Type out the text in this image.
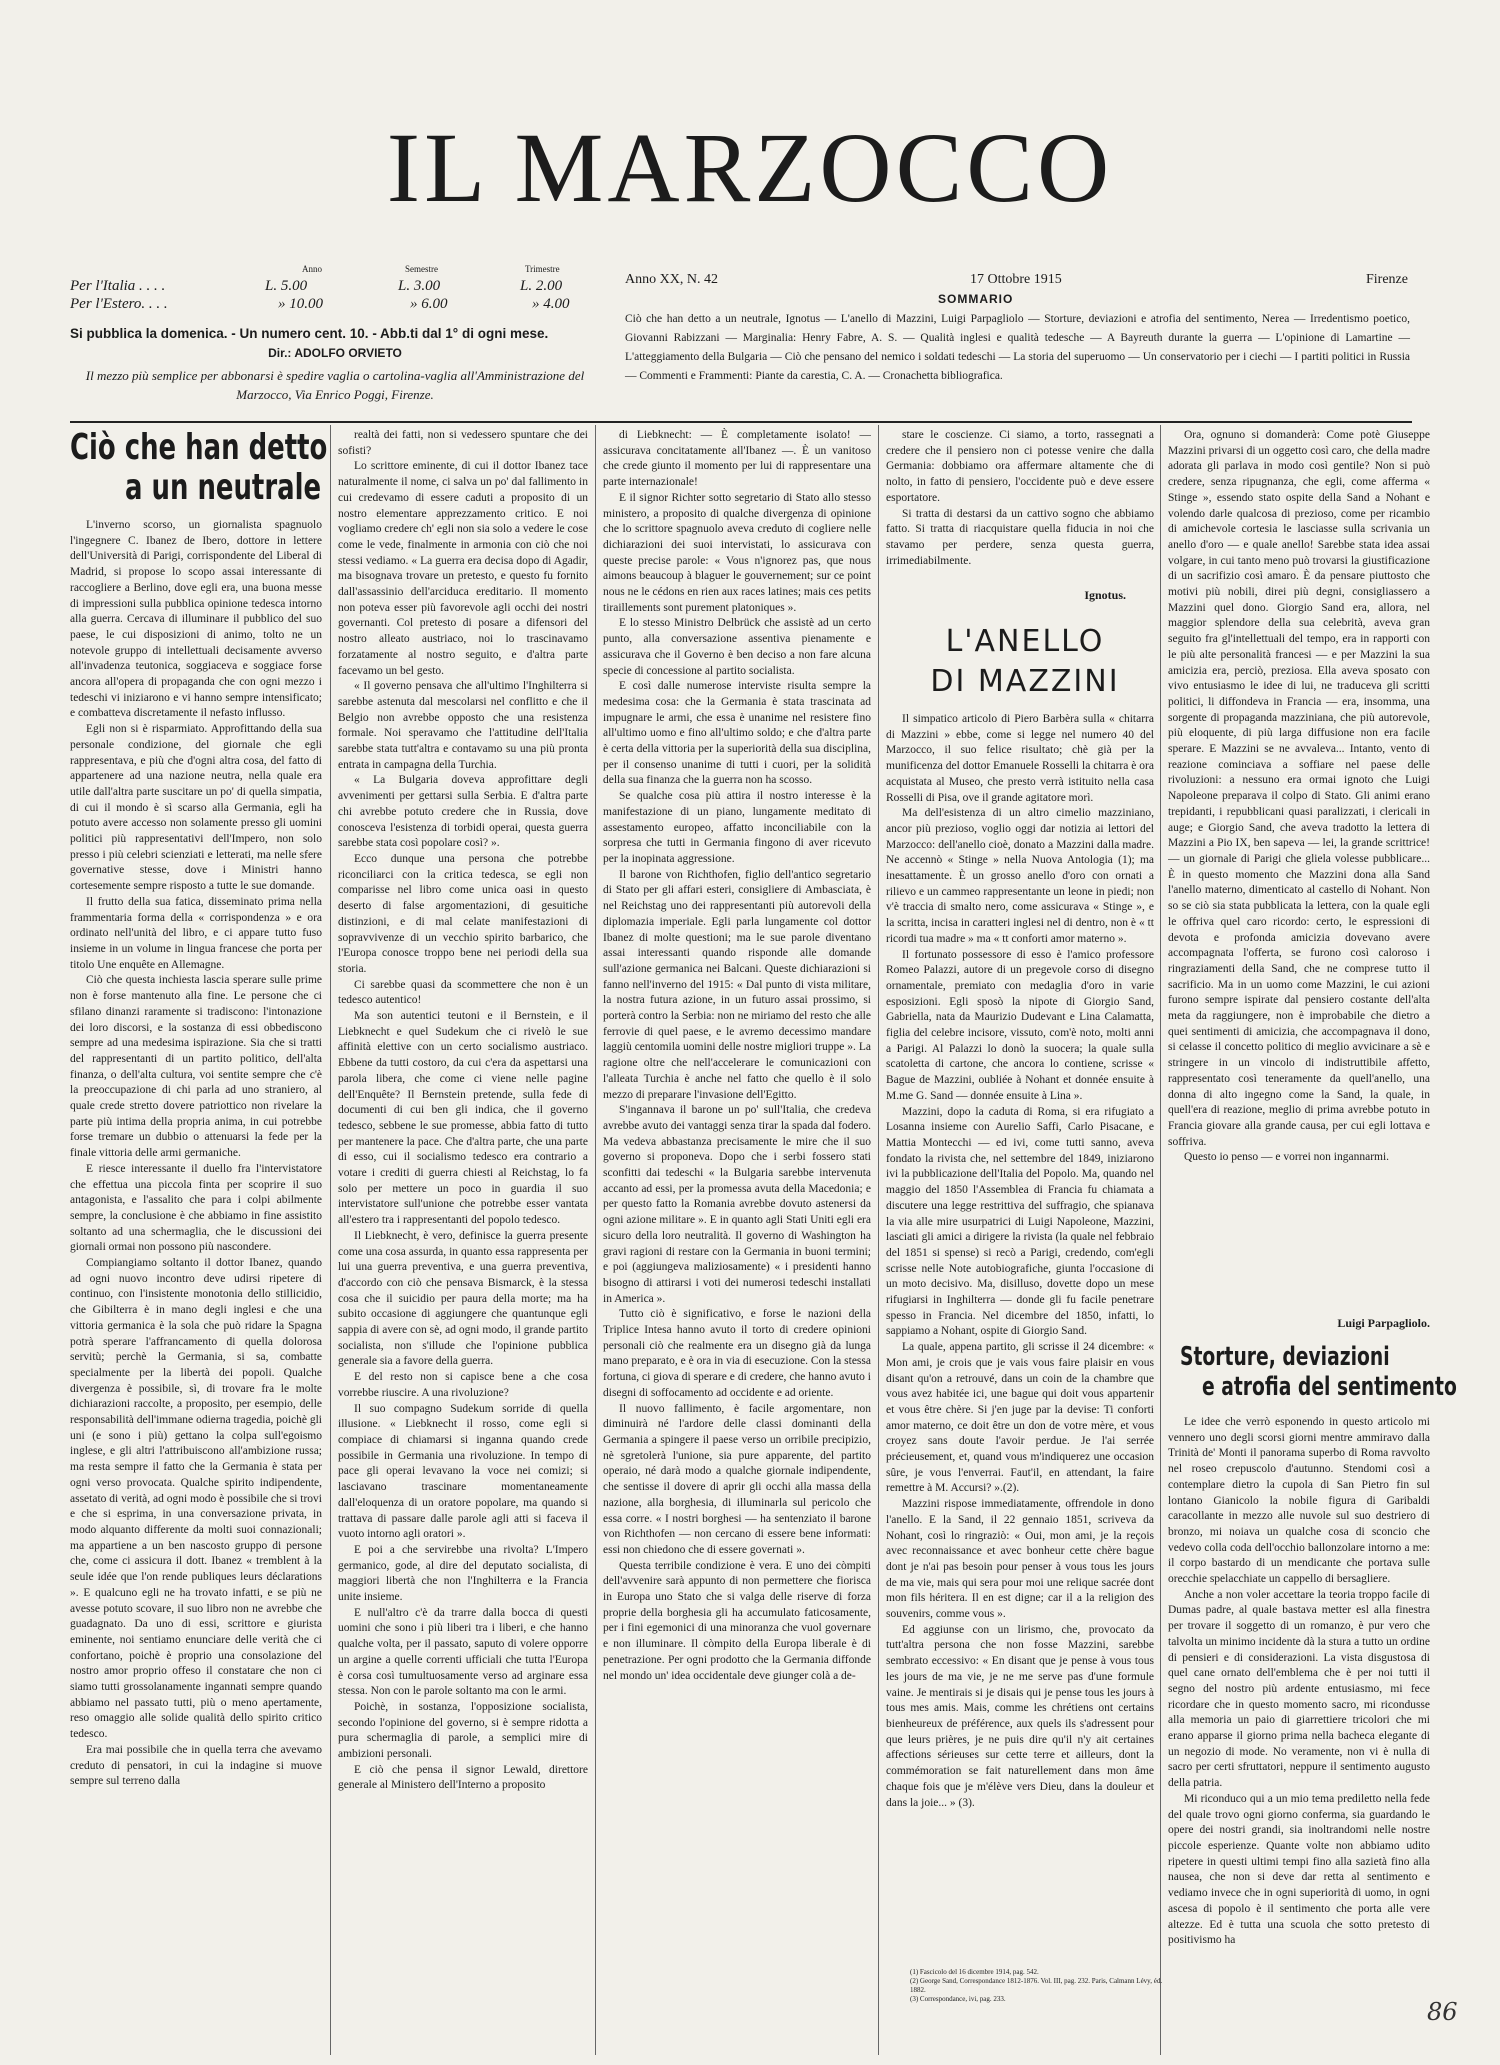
IL MARZOCCO
Anno	Semestre	Trimestre
Per l'Italia . . . .	L. 5.00	L. 3.00	L. 2.00
Per l'Estero. . . .	» 10.00	» 6.00	» 4.00
Si pubblica la domenica. - Un numero cent. 10. - Abb.ti dal 1° di ogni mese.
Dir.: ADOLFO ORVIETO
Il mezzo più semplice per abbonarsi è spedire vaglia o cartolina-vaglia all'Amministrazione del Marzocco, Via Enrico Poggi, Firenze.
Anno XX, N. 42	17 Ottobre 1915	Firenze
SOMMARIO
Ciò che han detto a un neutrale, Ignotus — L'anello di Mazzini, Luigi Parpagliolo — Storture, deviazioni e atrofia del sentimento, Nerea — Irredentismo poetico, Giovanni Rabizzani — Marginalia: Henry Fabre, A. S. — Qualità inglesi e qualità tedesche — A Bayreuth durante la guerra — L'opinione di Lamartine — L'atteggiamento della Bulgaria — Ciò che pensano del nemico i soldati tedeschi — La storia del superuomo — Un conservatorio per i ciechi — I partiti politici in Russia — Commenti e Frammenti: Piante da carestia, C. A. — Cronachetta bibliografica.
Ciò che han detto
a un neutrale

L'inverno scorso, un giornalista spagnuolo l'ingegnere C. Ibanez de Ibero, dottore in lettere dell'Università di Parigi, corrispondente del Liberal di Madrid, si propose lo scopo assai interessante di raccogliere a Berlino, dove egli era, una buona messe di impressioni sulla pubblica opinione tedesca intorno alla guerra. Cercava di illuminare il pubblico del suo paese, le cui disposizioni di animo, tolto ne un notevole gruppo di intellettuali decisamente avverso all'invadenza teutonica, soggiaceva e soggiace forse ancora all'opera di propaganda che con ogni mezzo i tedeschi vi iniziarono e vi hanno sempre intensificato; e combatteva discretamente il nefasto influsso.

Egli non si è risparmiato. Approfittando della sua personale condizione, del giornale che egli rappresentava, e più che d'ogni altra cosa, del fatto di appartenere ad una nazione neutra, nella quale era utile dall'altra parte suscitare un po' di quella simpatia, di cui il mondo è sì scarso alla Germania, egli ha potuto avere accesso non solamente presso gli uomini politici più rappresentativi dell'Impero, non solo presso i più celebri scienziati e letterati, ma nelle sfere governative stesse, dove i Ministri hanno cortesemente sempre risposto a tutte le sue domande.

Il frutto della sua fatica, disseminato prima nella frammentaria forma della « corrispondenza » e ora ordinato nell'unità del libro, e ci appare tutto fuso insieme in un volume in lingua francese che porta per titolo Une enquête en Allemagne.

Ciò che questa inchiesta lascia sperare sulle prime non è forse mantenuto alla fine. Le persone che ci sfilano dinanzi raramente si tradiscono: l'intonazione dei loro discorsi, e la sostanza di essi obbediscono sempre ad una medesima ispirazione. Sia che si tratti del rappresentanti di un partito politico, dell'alta finanza, o dell'alta cultura, voi sentite sempre che c'è la preoccupazione di chi parla ad uno straniero, al quale crede stretto dovere patriottico non rivelare la parte più intima della propria anima, in cui potrebbe forse tremare un dubbio o attenuarsi la fede per la finale vittoria delle armi germaniche.

E riesce interessante il duello fra l'intervistatore che effettua una piccola finta per scoprire il suo antagonista, e l'assalito che para i colpi abilmente sempre, la conclusione è che abbiamo in fine assistito soltanto ad una schermaglia, che le discussioni dei giornali ormai non possono più nascondere.

Compiangiamo soltanto il dottor Ibanez, quando ad ogni nuovo incontro deve udirsi ripetere di continuo, con l'insistente monotonia dello stillicidio, che Gibilterra è in mano degli inglesi e che una vittoria germanica è la sola che può ridare la Spagna potrà sperare l'affrancamento di quella dolorosa servitù; perchè la Germania, si sa, combatte specialmente per la libertà dei popoli. Qualche divergenza è possibile, sì, di trovare fra le molte dichiarazioni raccolte, a proposito, per esempio, delle responsabilità dell'immane odierna tragedia, poichè gli uni (e sono i più) gettano la colpa sull'egoismo inglese, e gli altri l'attribuiscono all'ambizione russa; ma resta sempre il fatto che la Germania è stata per ogni verso provocata. Qualche spirito indipendente, assetato di verità, ad ogni modo è possibile che si trovi e che si esprima, in una conversazione privata, in modo alquanto differente da molti suoi connazionali; ma appartiene a un ben nascosto gruppo di persone che, come ci assicura il dott. Ibanez « tremblent à la seule idée que l'on rende publiques leurs déclarations ». E qualcuno egli ne ha trovato infatti, e se più ne avesse potuto scovare, il suo libro non ne avrebbe che guadagnato. Da uno di essi, scrittore e giurista eminente, noi sentiamo enunciare delle verità che ci confortano, poichè è proprio una consolazione del nostro amor proprio offeso il constatare che non ci siamo tutti grossolanamente ingannati sempre quando abbiamo nel passato tutti, più o meno apertamente, reso omaggio alle solide qualità dello spirito critico tedesco.

Era mai possibile che in quella terra che avevamo creduto di pensatori, in cui la indagine si muove sempre sul terreno dalla

realtà dei fatti, non si vedessero spuntare che dei sofisti?

Lo scrittore eminente, di cui il dottor Ibanez tace naturalmente il nome, ci salva un po' dal fallimento in cui credevamo di essere caduti a proposito di un nostro elementare apprezzamento critico. E noi vogliamo credere ch' egli non sia solo a vedere le cose come le vede, finalmente in armonia con ciò che noi stessi vediamo. « La guerra era decisa dopo di Agadir, ma bisognava trovare un pretesto, e questo fu fornito dall'assassinio dell'arciduca ereditario. Il momento non poteva esser più favorevole agli occhi dei nostri governanti. Col pretesto di posare a difensori del nostro alleato austriaco, noi lo trascinavamo forzatamente al nostro seguito, e d'altra parte facevamo un bel gesto.

« Il governo pensava che all'ultimo l'Inghilterra si sarebbe astenuta dal mescolarsi nel conflitto e che il Belgio non avrebbe opposto che una resistenza formale. Noi speravamo che l'attitudine dell'Italia sarebbe stata tutt'altra e contavamo su una più pronta entrata in campagna della Turchia.

« La Bulgaria doveva approfittare degli avvenimenti per gettarsi sulla Serbia. E d'altra parte chi avrebbe potuto credere che in Russia, dove conosceva l'esistenza di torbidi operai, questa guerra sarebbe stata così popolare così? ».

Ecco dunque una persona che potrebbe riconciliarci con la critica tedesca, se egli non comparisse nel libro come unica oasi in questo deserto di false argomentazioni, di gesuitiche distinzioni, e di mal celate manifestazioni di sopravvivenze di un vecchio spirito barbarico, che l'Europa conosce troppo bene nei periodi della sua storia.

Ci sarebbe quasi da scommettere che non è un tedesco autentico!

Ma son autentici teutoni e il Bernstein, e il Liebknecht e quel Sudekum che ci rivelò le sue affinità elettive con un certo socialismo austriaco. Ebbene da tutti costoro, da cui c'era da aspettarsi una parola libera, che come ci viene nelle pagine dell'Enquête? Il Bernstein pretende, sulla fede di documenti di cui ben gli indica, che il governo tedesco, sebbene le sue promesse, abbia fatto di tutto per mantenere la pace. Che d'altra parte, che una parte di esso, cui il socialismo tedesco era contrario a votare i crediti di guerra chiesti al Reichstag, lo fa solo per mettere un poco in guardia il suo intervistatore sull'unione che potrebbe esser vantata all'estero tra i rappresentanti del popolo tedesco.

Il Liebknecht, è vero, definisce la guerra presente come una cosa assurda, in quanto essa rappresenta per lui una guerra preventiva, e una guerra preventiva, d'accordo con ciò che pensava Bismarck, è la stessa cosa che il suicidio per paura della morte; ma ha subito occasione di aggiungere che quantunque egli sappia di avere con sè, ad ogni modo, il grande partito socialista, non s'illude che l'opinione pubblica generale sia a favore della guerra.

E del resto non si capisce bene a che cosa vorrebbe riuscire. A una rivoluzione?

Il suo compagno Sudekum sorride di quella illusione. « Liebknecht il rosso, come egli si compiace di chiamarsi si inganna quando crede possibile in Germania una rivoluzione. In tempo di pace gli operai levavano la voce nei comizi; si lasciavano trascinare momentaneamente dall'eloquenza di un oratore popolare, ma quando si trattava di passare dalle parole agli atti si faceva il vuoto intorno agli oratori ».

E poi a che servirebbe una rivolta? L'Impero germanico, gode, al dire del deputato socialista, di maggiori libertà che non l'Inghilterra e la Francia unite insieme.

E null'altro c'è da trarre dalla bocca di questi uomini che sono i più liberi tra i liberi, e che hanno qualche volta, per il passato, saputo di volere opporre un argine a quelle correnti ufficiali che tutta l'Europa è corsa così tumultuosamente verso ad arginare essa stessa. Non con le parole soltanto ma con le armi.

Poichè, in sostanza, l'opposizione socialista, secondo l'opinione del governo, si è sempre ridotta a pura schermaglia di parole, a semplici mire di ambizioni personali.

E ciò che pensa il signor Lewald, direttore generale al Ministero dell'Interno a proposito

di Liebknecht: — È completamente isolato! — assicurava concitatamente all'Ibanez —. È un vanitoso che crede giunto il momento per lui di rappresentare una parte internazionale!

E il signor Richter sotto segretario di Stato allo stesso ministero, a proposito di qualche divergenza di opinione che lo scrittore spagnuolo aveva creduto di cogliere nelle dichiarazioni dei suoi intervistati, lo assicurava con queste precise parole: « Vous n'ignorez pas, que nous aimons beaucoup à blaguer le gouvernement; sur ce point nous ne le cédons en rien aux races latines; mais ces petits tiraillements sont purement platoniques ».

E lo stesso Ministro Delbrück che assistè ad un certo punto, alla conversazione assentiva pienamente e assicurava che il Governo è ben deciso a non fare alcuna specie di concessione al partito socialista.

E così dalle numerose interviste risulta sempre la medesima cosa: che la Germania è stata trascinata ad impugnare le armi, che essa è unanime nel resistere fino all'ultimo uomo e fino all'ultimo soldo; e che d'altra parte è certa della vittoria per la superiorità della sua disciplina, per il consenso unanime di tutti i cuori, per la solidità della sua finanza che la guerra non ha scosso.

Se qualche cosa più attira il nostro interesse è la manifestazione di un piano, lungamente meditato di assestamento europeo, affatto inconciliabile con la sorpresa che tutti in Germania fingono di aver ricevuto per la inopinata aggressione.

Il barone von Richthofen, figlio dell'antico segretario di Stato per gli affari esteri, consigliere di Ambasciata, è nel Reichstag uno dei rappresentanti più autorevoli della diplomazia imperiale. Egli parla lungamente col dottor Ibanez di molte questioni; ma le sue parole diventano assai interessanti quando risponde alle domande sull'azione germanica nei Balcani. Queste dichiarazioni si fanno nell'inverno del 1915: « Dal punto di vista militare, la nostra futura azione, in un futuro assai prossimo, si porterà contro la Serbia: non ne miriamo del resto che alle ferrovie di quel paese, e le avremo decessimo mandare laggiù centomila uomini delle nostre migliori truppe ». La ragione oltre che nell'accelerare le comunicazioni con l'alleata Turchia è anche nel fatto che quello è il solo mezzo di preparare l'invasione dell'Egitto.

S'ingannava il barone un po' sull'Italia, che credeva avrebbe avuto dei vantaggi senza tirar la spada dal fodero. Ma vedeva abbastanza precisamente le mire che il suo governo si proponeva. Dopo che i serbi fossero stati sconfitti dai tedeschi « la Bulgaria sarebbe intervenuta accanto ad essi, per la promessa avuta della Macedonia; e per questo fatto la Romania avrebbe dovuto astenersi da ogni azione militare ». E in quanto agli Stati Uniti egli era sicuro della loro neutralità. Il governo di Washington ha gravi ragioni di restare con la Germania in buoni termini; e poi (aggiungeva maliziosamente) « i presidenti hanno bisogno di attirarsi i voti dei numerosi tedeschi installati in America ».

Tutto ciò è significativo, e forse le nazioni della Triplice Intesa hanno avuto il torto di credere opinioni personali ciò che realmente era un disegno già da lunga mano preparato, e è ora in via di esecuzione. Con la stessa fortuna, ci giova di sperare e di credere, che hanno avuto i disegni di soffocamento ad occidente e ad oriente.

Il nuovo fallimento, è facile argomentare, non diminuirà né l'ardore delle classi dominanti della Germania a spingere il paese verso un orribile precipizio, nè sgretolerà l'unione, sia pure apparente, del partito operaio, né darà modo a qualche giornale indipendente, che sentisse il dovere di aprir gli occhi alla massa della nazione, alla borghesia, di illuminarla sul pericolo che essa corre. « I nostri borghesi — ha sentenziato il barone von Richthofen — non cercano di essere bene informati: essi non chiedono che di essere governati ».

Questa terribile condizione è vera. E uno dei còmpiti dell'avvenire sarà appunto di non permettere che fiorisca in Europa uno Stato che si valga delle riserve di forza proprie della borghesia gli ha accumulato faticosamente, per i fini egemonici di una minoranza che vuol governare e non illuminare. Il còmpito della Europa liberale è di penetrazione. Per ogni prodotto che la Germania diffonde nel mondo un' idea occidentale deve giunger colà a de-

stare le coscienze. Ci siamo, a torto, rassegnati a credere che il pensiero non ci potesse venire che dalla Germania: dobbiamo ora affermare altamente che di nolto, in fatto di pensiero, l'occidente può e deve essere esportatore.

Si tratta di destarsi da un cattivo sogno che abbiamo fatto. Si tratta di riacquistare quella fiducia in noi che stavamo per perdere, senza questa guerra, irrimediabilmente.

Ignotus.
L'ANELLO
DI MAZZINI

Il simpatico articolo di Piero Barbèra sulla « chitarra di Mazzini » ebbe, come si legge nel numero 40 del Marzocco, il suo felice risultato; chè già per la munificenza del dottor Emanuele Rosselli la chitarra è ora acquistata al Museo, che presto verrà istituito nella casa Rosselli di Pisa, ove il grande agitatore morì.

Ma dell'esistenza di un altro cimelio mazziniano, ancor più prezioso, voglio oggi dar notizia ai lettori del Marzocco: dell'anello cioè, donato a Mazzini dalla madre. Ne accennò « Stinge » nella Nuova Antologia (1); ma inesattamente. È un grosso anello d'oro con ornati a rilievo e un cammeo rappresentante un leone in piedi; non v'è traccia di smalto nero, come assicurava « Stinge », e la scritta, incisa in caratteri inglesi nel di dentro, non è « tt ricordi tua madre » ma « tt conforti amor materno ».

Il fortunato possessore di esso è l'amico professore Romeo Palazzi, autore di un pregevole corso di disegno ornamentale, premiato con medaglia d'oro in varie esposizioni. Egli sposò la nipote di Giorgio Sand, Gabriella, nata da Maurizio Dudevant e Lina Calamatta, figlia del celebre incisore, vissuto, com'è noto, molti anni a Parigi. Al Palazzi lo donò la suocera; la quale sulla scatoletta di cartone, che ancora lo contiene, scrisse « Bague de Mazzini, oubliée à Nohant et donnée ensuite à M.me G. Sand — donnée ensuite à Lina ».

Mazzini, dopo la caduta di Roma, si era rifugiato a Losanna insieme con Aurelio Saffi, Carlo Pisacane, e Mattia Montecchi — ed ivi, come tutti sanno, aveva fondato la rivista che, nel settembre del 1849, iniziarono ivi la pubblicazione dell'Italia del Popolo. Ma, quando nel maggio del 1850 l'Assemblea di Francia fu chiamata a discutere una legge restrittiva del suffragio, che spianava la via alle mire usurpatrici di Luigi Napoleone, Mazzini, lasciati gli amici a dirigere la rivista (la quale nel febbraio del 1851 si spense) si recò a Parigi, credendo, com'egli scrisse nelle Note autobiografiche, giunta l'occasione di un moto decisivo. Ma, disilluso, dovette dopo un mese rifugiarsi in Inghilterra — donde gli fu facile penetrare spesso in Francia. Nel dicembre del 1850, infatti, lo sappiamo a Nohant, ospite di Giorgio Sand.

La quale, appena partito, gli scrisse il 24 dicembre: « Mon ami, je crois que je vais vous faire plaisir en vous disant qu'on a retrouvé, dans un coin de la chambre que vous avez habitée ici, une bague qui doit vous appartenir et vous être chère. Si j'en juge par la devise: Ti conforti amor materno, ce doit être un don de votre mère, et vous croyez sans doute l'avoir perdue. Je l'ai serrée précieusement, et, quand vous m'indiquerez une occasion sûre, je vous l'enverrai. Faut'il, en attendant, la faire remettre à M. Accursi? ».(2).

Mazzini rispose immediatamente, offrendole in dono l'anello. E la Sand, il 22 gennaio 1851, scriveva da Nohant, così lo ringraziò: « Oui, mon ami, je la reçois avec reconnaissance et avec bonheur cette chère bague dont je n'ai pas besoin pour penser à vous tous les jours de ma vie, mais qui sera pour moi une relique sacrée dont mon fils héritera. Il en est digne; car il a la religion des souvenirs, comme vous ».

Ed aggiunse con un lirismo, che, provocato da tutt'altra persona che non fosse Mazzini, sarebbe sembrato eccessivo: « En disant que je pense à vous tous les jours de ma vie, je ne me serve pas d'une formule vaine. Je mentirais si je disais qui je pense tous les jours à tous mes amis. Mais, comme les chrétiens ont certains bienheureux de préférence, aux quels ils s'adressent pour que leurs prières, je ne puis dire qu'il n'y ait certaines affections sérieuses sur cette terre et ailleurs, dont la commémoration se fait naturellement dans mon âme chaque fois que je m'élève vers Dieu, dans la douleur et dans la joie... » (3).

(1) Fascicolo del 16 dicembre 1914, pag. 542.
(2) George Sand, Correspondance 1812-1876. Vol. III, pag. 232. Paris, Calmann Lévy, éd. 1882.
(3) Correspondance, ivi, pag. 233.

Ora, ognuno si domanderà: Come potè Giuseppe Mazzini privarsi di un oggetto così caro, che della madre adorata gli parlava in modo così gentile? Non si può credere, senza ripugnanza, che egli, come afferma « Stinge », essendo stato ospite della Sand a Nohant e volendo darle qualcosa di prezioso, come per ricambio di amichevole cortesia le lasciasse sulla scrivania un anello d'oro — e quale anello! Sarebbe stata idea assai volgare, in cui tanto meno può trovarsi la giustificazione di un sacrifizio così amaro. È da pensare piuttosto che motivi più nobili, direi più degni, consigliassero a Mazzini quel dono. Giorgio Sand era, allora, nel maggior splendore della sua celebrità, aveva gran seguito fra gl'intellettuali del tempo, era in rapporti con le più alte personalità francesi — e per Mazzini la sua amicizia era, perciò, preziosa. Ella aveva sposato con vivo entusiasmo le idee di lui, ne traduceva gli scritti politici, li diffondeva in Francia — era, insomma, una sorgente di propaganda mazziniana, che più autorevole, più eloquente, di più larga diffusione non era facile sperare. E Mazzini se ne avvaleva... Intanto, vento di reazione cominciava a soffiare nel paese delle rivoluzioni: a nessuno era ormai ignoto che Luigi Napoleone preparava il colpo di Stato. Gli animi erano trepidanti, i repubblicani quasi paralizzati, i clericali in auge; e Giorgio Sand, che aveva tradotto la lettera di Mazzini a Pio IX, ben sapeva — lei, la grande scrittrice! — un giornale di Parigi che gliela volesse pubblicare... È in questo momento che Mazzini dona alla Sand l'anello materno, dimenticato al castello di Nohant. Non so se ciò sia stata pubblicata la lettera, con la quale egli le offriva quel caro ricordo: certo, le espressioni di devota e profonda amicizia dovevano avere accompagnata l'offerta, se furono così caloroso i ringraziamenti della Sand, che ne comprese tutto il sacrificio. Ma in un uomo come Mazzini, le cui azioni furono sempre ispirate dal pensiero costante dell'alta meta da raggiungere, non è improbabile che dietro a quei sentimenti di amicizia, che accompagnava il dono, si celasse il concetto politico di meglio avvicinare a sè e stringere in un vincolo di indistruttibile affetto, rappresentato così teneramente da quell'anello, una donna di alto ingegno come la Sand, la quale, in quell'era di reazione, meglio di prima avrebbe potuto in Francia giovare alla grande causa, per cui egli lottava e soffriva.

Questo io penso — e vorrei non ingannarmi.

Luigi Parpagliolo.
Storture, deviazioni
e atrofia del sentimento

Le idee che verrò esponendo in questo articolo mi vennero uno degli scorsi giorni mentre ammiravo dalla Trinità de' Monti il panorama superbo di Roma ravvolto nel roseo crepuscolo d'autunno. Stendomi così a contemplare dietro la cupola di San Pietro fin sul lontano Gianicolo la nobile figura di Garibaldi caracollante in mezzo alle nuvole sul suo destriero di bronzo, mi noiava un qualche cosa di sconcio che vedevo colla coda dell'occhio ballonzolare intorno a me: il corpo bastardo di un mendicante che portava sulle orecchie spelacchiate un cappello di bersagliere.

Anche a non voler accettare la teoria troppo facile di Dumas padre, al quale bastava metter esl alla finestra per trovare il soggetto di un romanzo, è pur vero che talvolta un minimo incidente dà la stura a tutto un ordine di pensieri e di considerazioni. La vista disgustosa di quel cane ornato dell'emblema che è per noi tutti il segno del nostro più ardente entusiasmo, mi fece ricordare che in questo momento sacro, mi ricondusse alla memoria un paio di giarrettiere tricolori che mi erano apparse il giorno prima nella bacheca elegante di un negozio di mode. No veramente, non vi è nulla di sacro per certi sfruttatori, neppure il sentimento augusto della patria.

Mi riconduco qui a un mio tema prediletto nella fede del quale trovo ogni giorno conferma, sia guardando le opere dei nostri grandi, sia inoltrandomi nelle nostre piccole esperienze. Quante volte non abbiamo udito ripetere in questi ultimi tempi fino alla sazietà fino alla nausea, che non si deve dar retta al sentimento e vediamo invece che in ogni superiorità di uomo, in ogni ascesa di popolo è il sentimento che porta alle vere altezze. Ed è tutta una scuola che sotto pretesto di positivismo ha

86
